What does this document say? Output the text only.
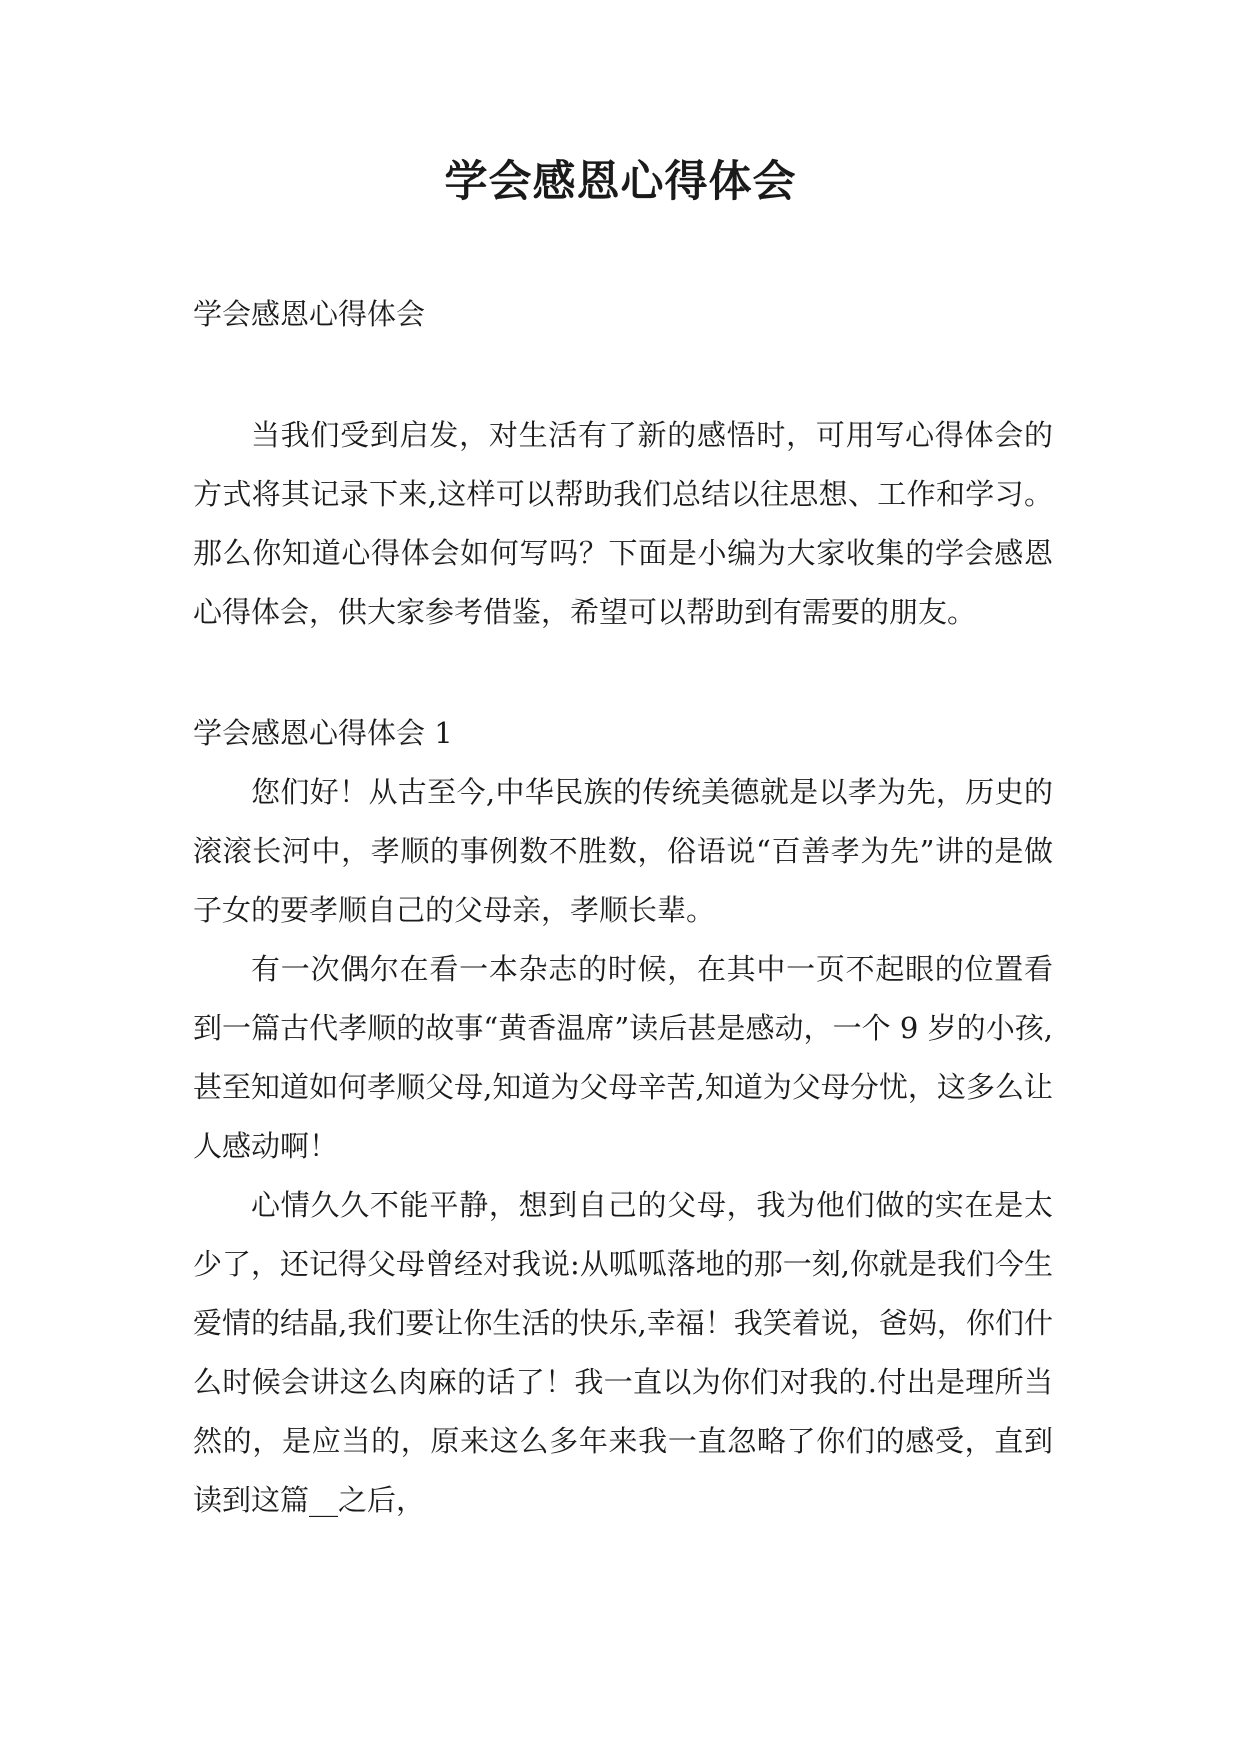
学会感恩心得体会
学会感恩心得体会

当我们受到启发，对生活有了新的感悟时，可用写心得体会的方式将其记录下来,这样可以帮助我们总结以往思想、工作和学习。那么你知道心得体会如何写吗？下面是小编为大家收集的学会感恩心得体会，供大家参考借鉴，希望可以帮助到有需要的朋友。

学会感恩心得体会 1

您们好！从古至今,中华民族的传统美德就是以孝为先，历史的滚滚长河中，孝顺的事例数不胜数，俗语说“百善孝为先”讲的是做子女的要孝顺自己的父母亲，孝顺长辈。

有一次偶尔在看一本杂志的时候，在其中一页不起眼的位置看到一篇古代孝顺的故事“黄香温席”读后甚是感动，一个 9 岁的小孩,甚至知道如何孝顺父母,知道为父母辛苦,知道为父母分忧，这多么让人感动啊！

心情久久不能平静，想到自己的父母，我为他们做的实在是太少了，还记得父母曾经对我说:从呱呱落地的那一刻,你就是我们今生爱情的结晶,我们要让你生活的快乐,幸福！我笑着说，爸妈，你们什么时候会讲这么肉麻的话了！我一直以为你们对我的.付出是理所当然的，是应当的，原来这么多年来我一直忽略了你们的感受，直到读到这篇__之后，
